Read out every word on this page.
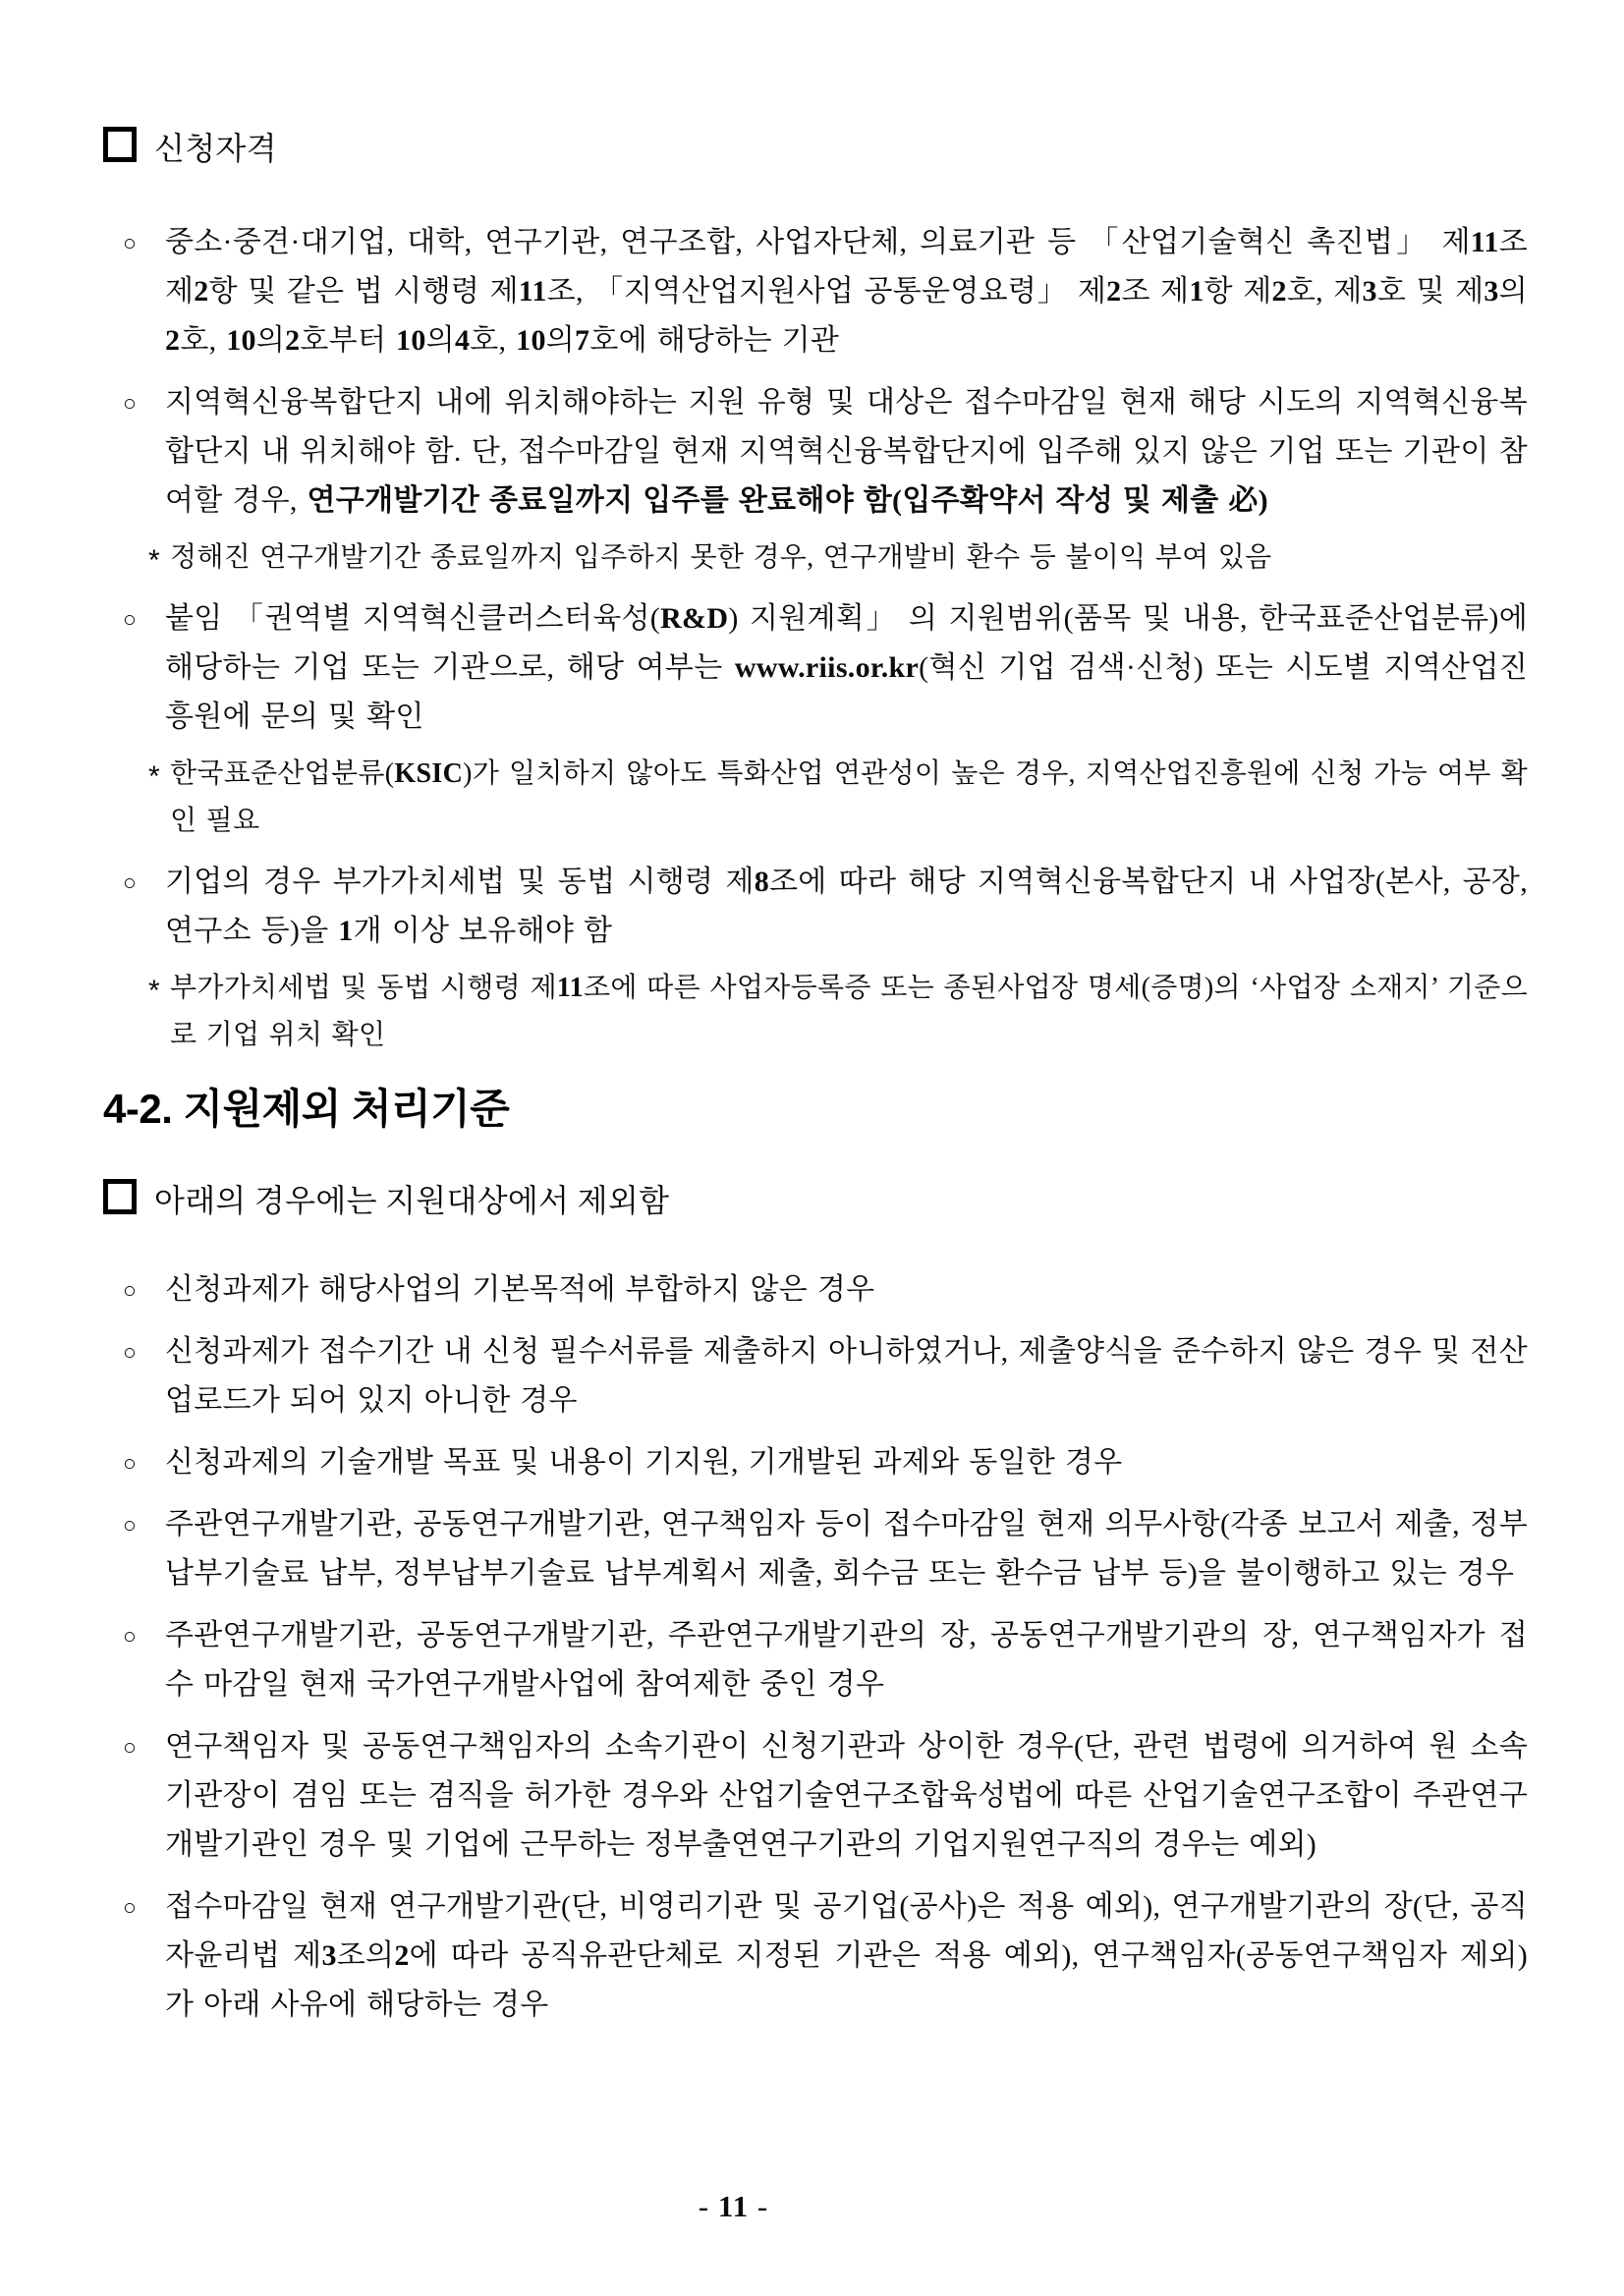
신청자격
○ 중소·중견·대기업, 대학, 연구기관, 연구조합, 사업자단체, 의료기관 등 「산업기술혁신 촉진법」 제11조 제2항 및 같은 법 시행령 제11조, 「지역산업지원사업 공통운영요령」 제2조 제1항 제2호, 제3호 및 제3의2호, 10의2호부터 10의4호, 10의7호에 해당하는 기관
○ 지역혁신융복합단지 내에 위치해야하는 지원 유형 및 대상은 접수마감일 현재 해당 시도의 지역혁신융복합단지 내 위치해야 함. 단, 접수마감일 현재 지역혁신융복합단지에 입주해 있지 않은 기업 또는 기관이 참여할 경우, 연구개발기간 종료일까지 입주를 완료해야 함(입주확약서 작성 및 제출 必)
* 정해진 연구개발기간 종료일까지 입주하지 못한 경우, 연구개발비 환수 등 불이익 부여 있음
○ 붙임 「권역별 지역혁신클러스터육성(R&D) 지원계획」 의 지원범위(품목 및 내용, 한국표준산업분류)에 해당하는 기업 또는 기관으로, 해당 여부는 www.riis.or.kr(혁신 기업 검색·신청) 또는 시도별 지역산업진흥원에 문의 및 확인
* 한국표준산업분류(KSIC)가 일치하지 않아도 특화산업 연관성이 높은 경우, 지역산업진흥원에 신청 가능 여부 확인 필요
○ 기업의 경우 부가가치세법 및 동법 시행령 제8조에 따라 해당 지역혁신융복합단지 내 사업장(본사, 공장, 연구소 등)을 1개 이상 보유해야 함
* 부가가치세법 및 동법 시행령 제11조에 따른 사업자등록증 또는 종된사업장 명세(증명)의 ‘사업장 소재지’ 기준으로 기업 위치 확인
4-2. 지원제외 처리기준
아래의 경우에는 지원대상에서 제외함
○ 신청과제가 해당사업의 기본목적에 부합하지 않은 경우
○ 신청과제가 접수기간 내 신청 필수서류를 제출하지 아니하였거나, 제출양식을 준수하지 않은 경우 및 전산 업로드가 되어 있지 아니한 경우
○ 신청과제의 기술개발 목표 및 내용이 기지원, 기개발된 과제와 동일한 경우
○ 주관연구개발기관, 공동연구개발기관, 연구책임자 등이 접수마감일 현재 의무사항(각종 보고서 제출, 정부납부기술료 납부, 정부납부기술료 납부계획서 제출, 회수금 또는 환수금 납부 등)을 불이행하고 있는 경우
○ 주관연구개발기관, 공동연구개발기관, 주관연구개발기관의 장, 공동연구개발기관의 장, 연구책임자가 접수 마감일 현재 국가연구개발사업에 참여제한 중인 경우
○ 연구책임자 및 공동연구책임자의 소속기관이 신청기관과 상이한 경우(단, 관련 법령에 의거하여 원 소속 기관장이 겸임 또는 겸직을 허가한 경우와 산업기술연구조합육성법에 따른 산업기술연구조합이 주관연구개발기관인 경우 및 기업에 근무하는 정부출연연구기관의 기업지원연구직의 경우는 예외)
○ 접수마감일 현재 연구개발기관(단, 비영리기관 및 공기업(공사)은 적용 예외), 연구개발기관의 장(단, 공직자윤리법 제3조의2에 따라 공직유관단체로 지정된 기관은 적용 예외), 연구책임자(공동연구책임자 제외)가 아래 사유에 해당하는 경우
- 11 -
